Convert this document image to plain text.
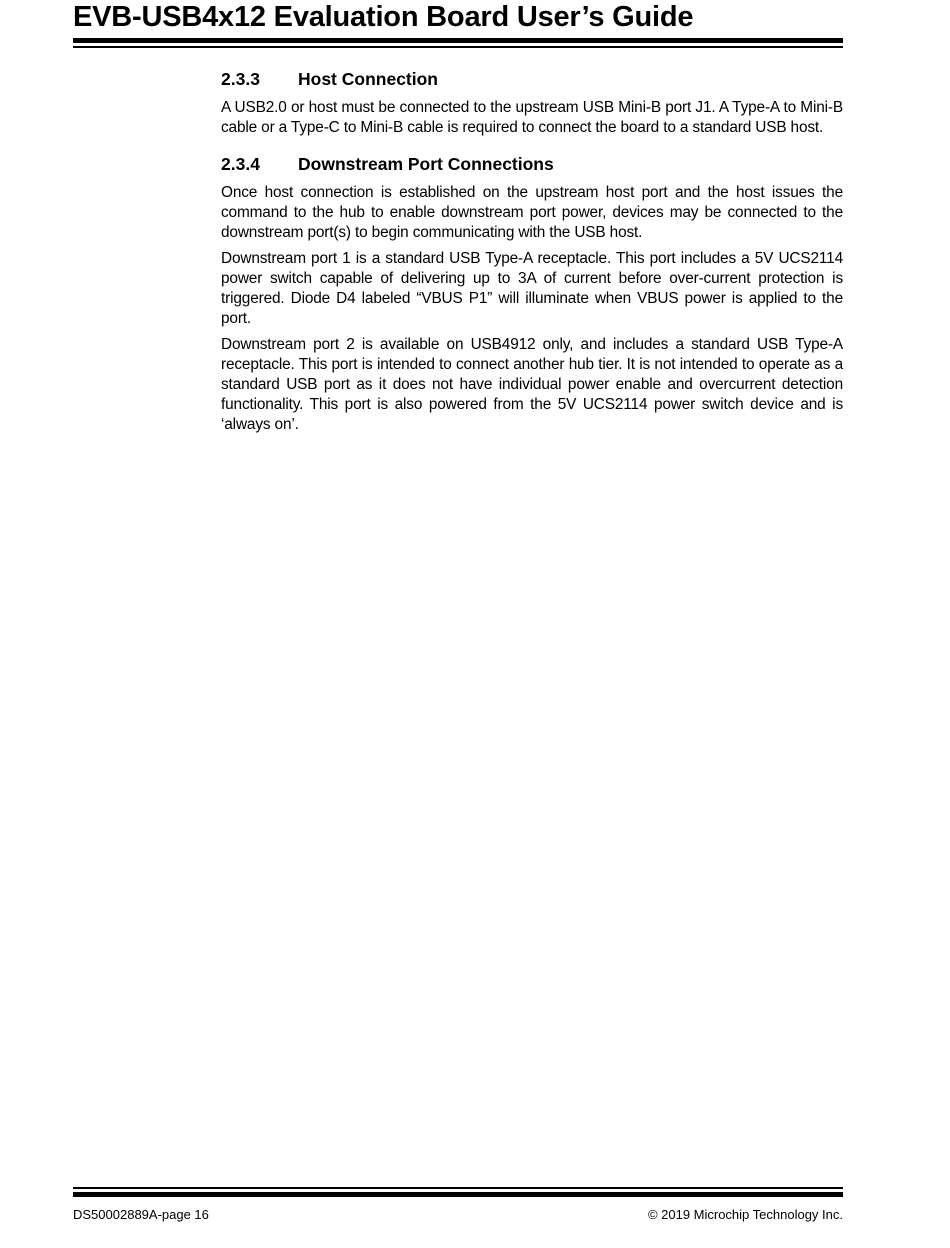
EVB-USB4x12 Evaluation Board User’s Guide
2.3.3	Host Connection

A USB2.0 or host must be connected to the upstream USB Mini-B port J1. A Type-A to Mini-B cable or a Type-C to Mini-B cable is required to connect the board to a standard USB host.

2.3.4	Downstream Port Connections

Once host connection is established on the upstream host port and the host issues the command to the hub to enable downstream port power, devices may be connected to the downstream port(s) to begin communicating with the USB host.

Downstream port 1 is a standard USB Type-A receptacle. This port includes a 5V UCS2114 power switch capable of delivering up to 3A of current before over-current protection is triggered. Diode D4 labeled “VBUS P1” will illuminate when VBUS power is applied to the port.

Downstream port 2 is available on USB4912 only, and includes a standard USB Type-A receptacle. This port is intended to connect another hub tier. It is not intended to operate as a standard USB port as it does not have individual power enable and overcurrent detection functionality. This port is also powered from the 5V UCS2114 power switch device and is ‘always on’.

DS50002889A-page 16	© 2019 Microchip Technology Inc.
